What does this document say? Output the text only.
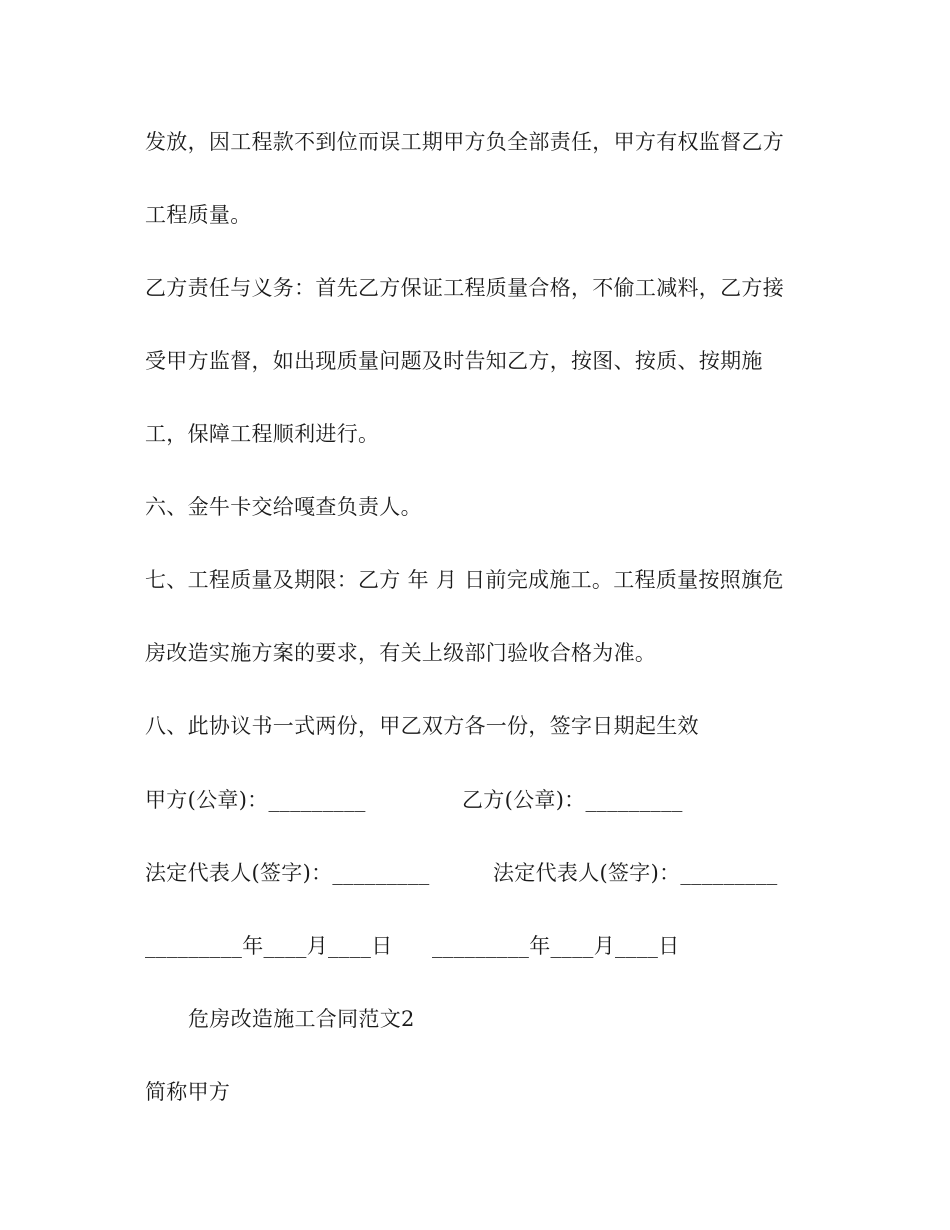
发放，因工程款不到位而误工期甲方负全部责任，甲方有权监督乙方
工程质量。
乙方责任与义务：首先乙方保证工程质量合格，不偷工减料，乙方接
受甲方监督，如出现质量问题及时告知乙方，按图、按质、按期施
工，保障工程顺利进行。
六、金牛卡交给嘎查负责人。
七、工程质量及期限：乙方 年 月 日前完成施工。工程质量按照旗危
房改造实施方案的要求，有关上级部门验收合格为准。
八、此协议书一式两份，甲乙双方各一份，签字日期起生效
甲方(公章)：_________	乙方(公章)：_________
法定代表人(签字)：_________	法定代表人(签字)：_________
_________年____月____日 _________年____月____日
危房改造施工合同范文2
简称甲方
